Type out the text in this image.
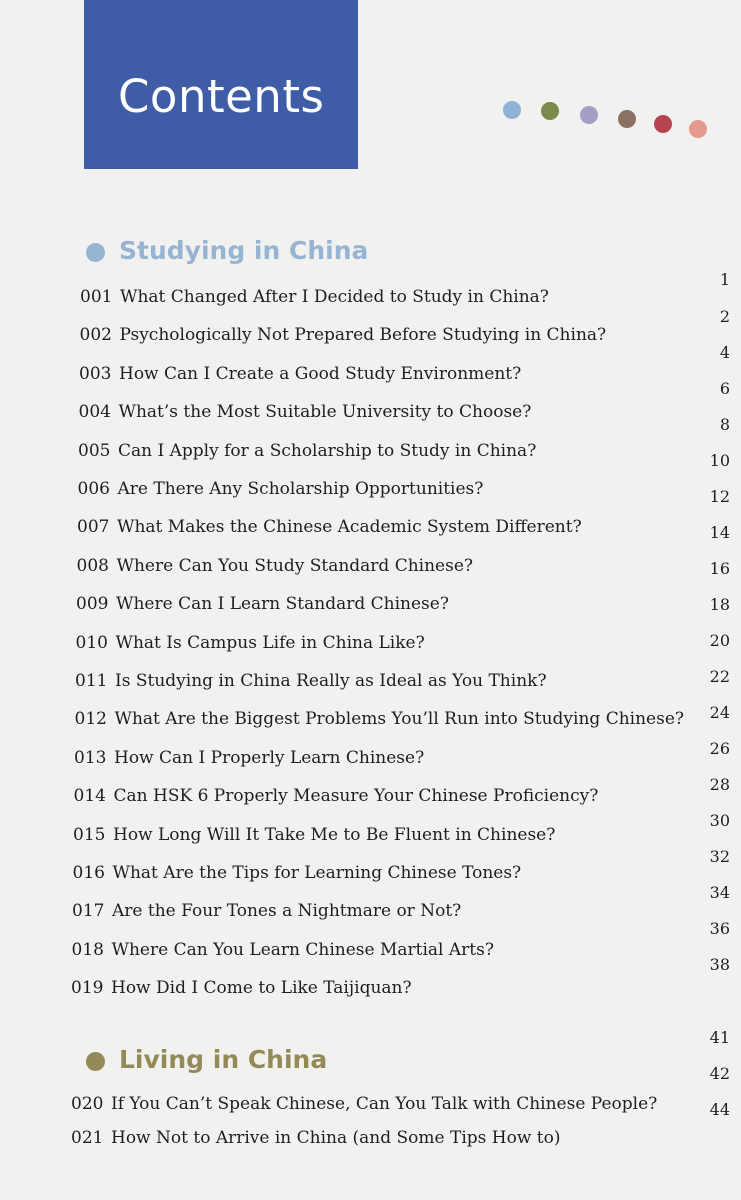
Contents
Studying in China
001 What Changed After I Decided to Study in China?
002 Psychologically Not Prepared Before Studying in China?
003 How Can I Create a Good Study Environment?
004 What’s the Most Suitable University to Choose?
005 Can I Apply for a Scholarship to Study in China?
006 Are There Any Scholarship Opportunities?
007 What Makes the Chinese Academic System Different?
008 Where Can You Study Standard Chinese?
009 Where Can I Learn Standard Chinese?
010 What Is Campus Life in China Like?
011 Is Studying in China Really as Ideal as You Think?
012 What Are the Biggest Problems You’ll Run into Studying Chinese?
013 How Can I Properly Learn Chinese?
014 Can HSK 6 Properly Measure Your Chinese Proficiency?
015 How Long Will It Take Me to Be Fluent in Chinese?
016 What Are the Tips for Learning Chinese Tones?
017 Are the Four Tones a Nightmare or Not?
018 Where Can You Learn Chinese Martial Arts?
019 How Did I Come to Like Taijiquan?
Living in China
020 If You Can’t Speak Chinese, Can You Talk with Chinese People?
021 How Not to Arrive in China (and Some Tips How to)
1
2
4
6
8
10
12
14
16
18
20
22
24
26
28
30
32
34
36
38
41
42
44
